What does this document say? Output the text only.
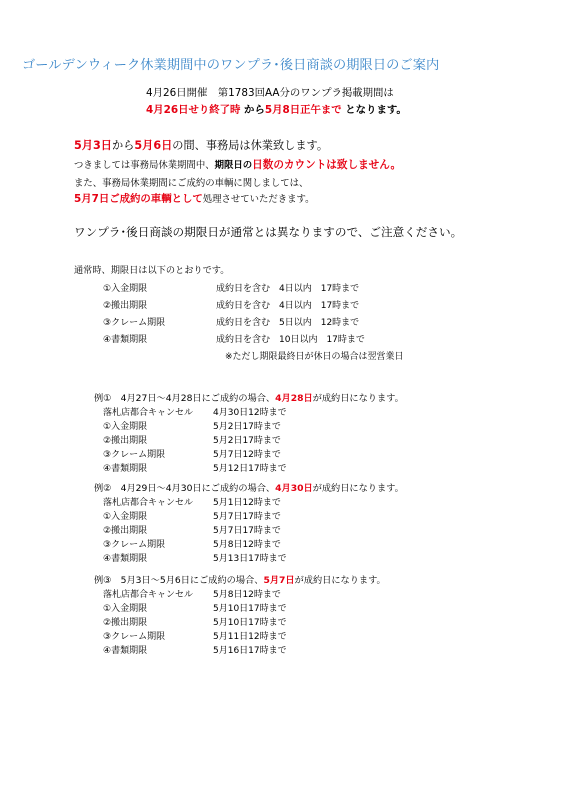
ゴールデンウィーク休業期間中のワンプラ･後日商談の期限日のご案内
4月26日開催　第1783回AA分のワンプラ掲載期間は
4月26日せり終了時 から5月8日正午まで となります。
5月3日から5月6日の間、事務局は休業致します。
つきましては事務局休業期間中、期限日の日数のカウントは致しません。
また、事務局休業期間にご成約の車輌に関しましては、
5月7日ご成約の車輌として処理させていただきます。
ワンプラ･後日商談の期限日が通常とは異なりますので、ご注意ください。
通常時、期限日は以下のとおりです。
①入金期限	成約日を含む　4日以内　17時まで
②搬出期限	成約日を含む　4日以内　17時まで
③クレーム期限	成約日を含む　5日以内　12時まで
④書類期限	成約日を含む　10日以内　17時まで
※ただし期限最終日が休日の場合は翌営業日
例①　4月27日～4月28日にご成約の場合、4月28日が成約日になります。
落札店都合キャンセル 4月30日12時まで
①入金期限	5月2日17時まで
②搬出期限	5月2日17時まで
③クレーム期限	5月7日12時まで
④書類期限	5月12日17時まで
例②　4月29日～4月30日にご成約の場合、4月30日が成約日になります。
落札店都合キャンセル 5月1日12時まで
①入金期限	5月7日17時まで
②搬出期限	5月7日17時まで
③クレーム期限	5月8日12時まで
④書類期限	5月13日17時まで
例③　5月3日～5月6日にご成約の場合、5月7日が成約日になります。
落札店都合キャンセル 5月8日12時まで
①入金期限	5月10日17時まで
②搬出期限	5月10日17時まで
③クレーム期限	5月11日12時まで
④書類期限	5月16日17時まで
